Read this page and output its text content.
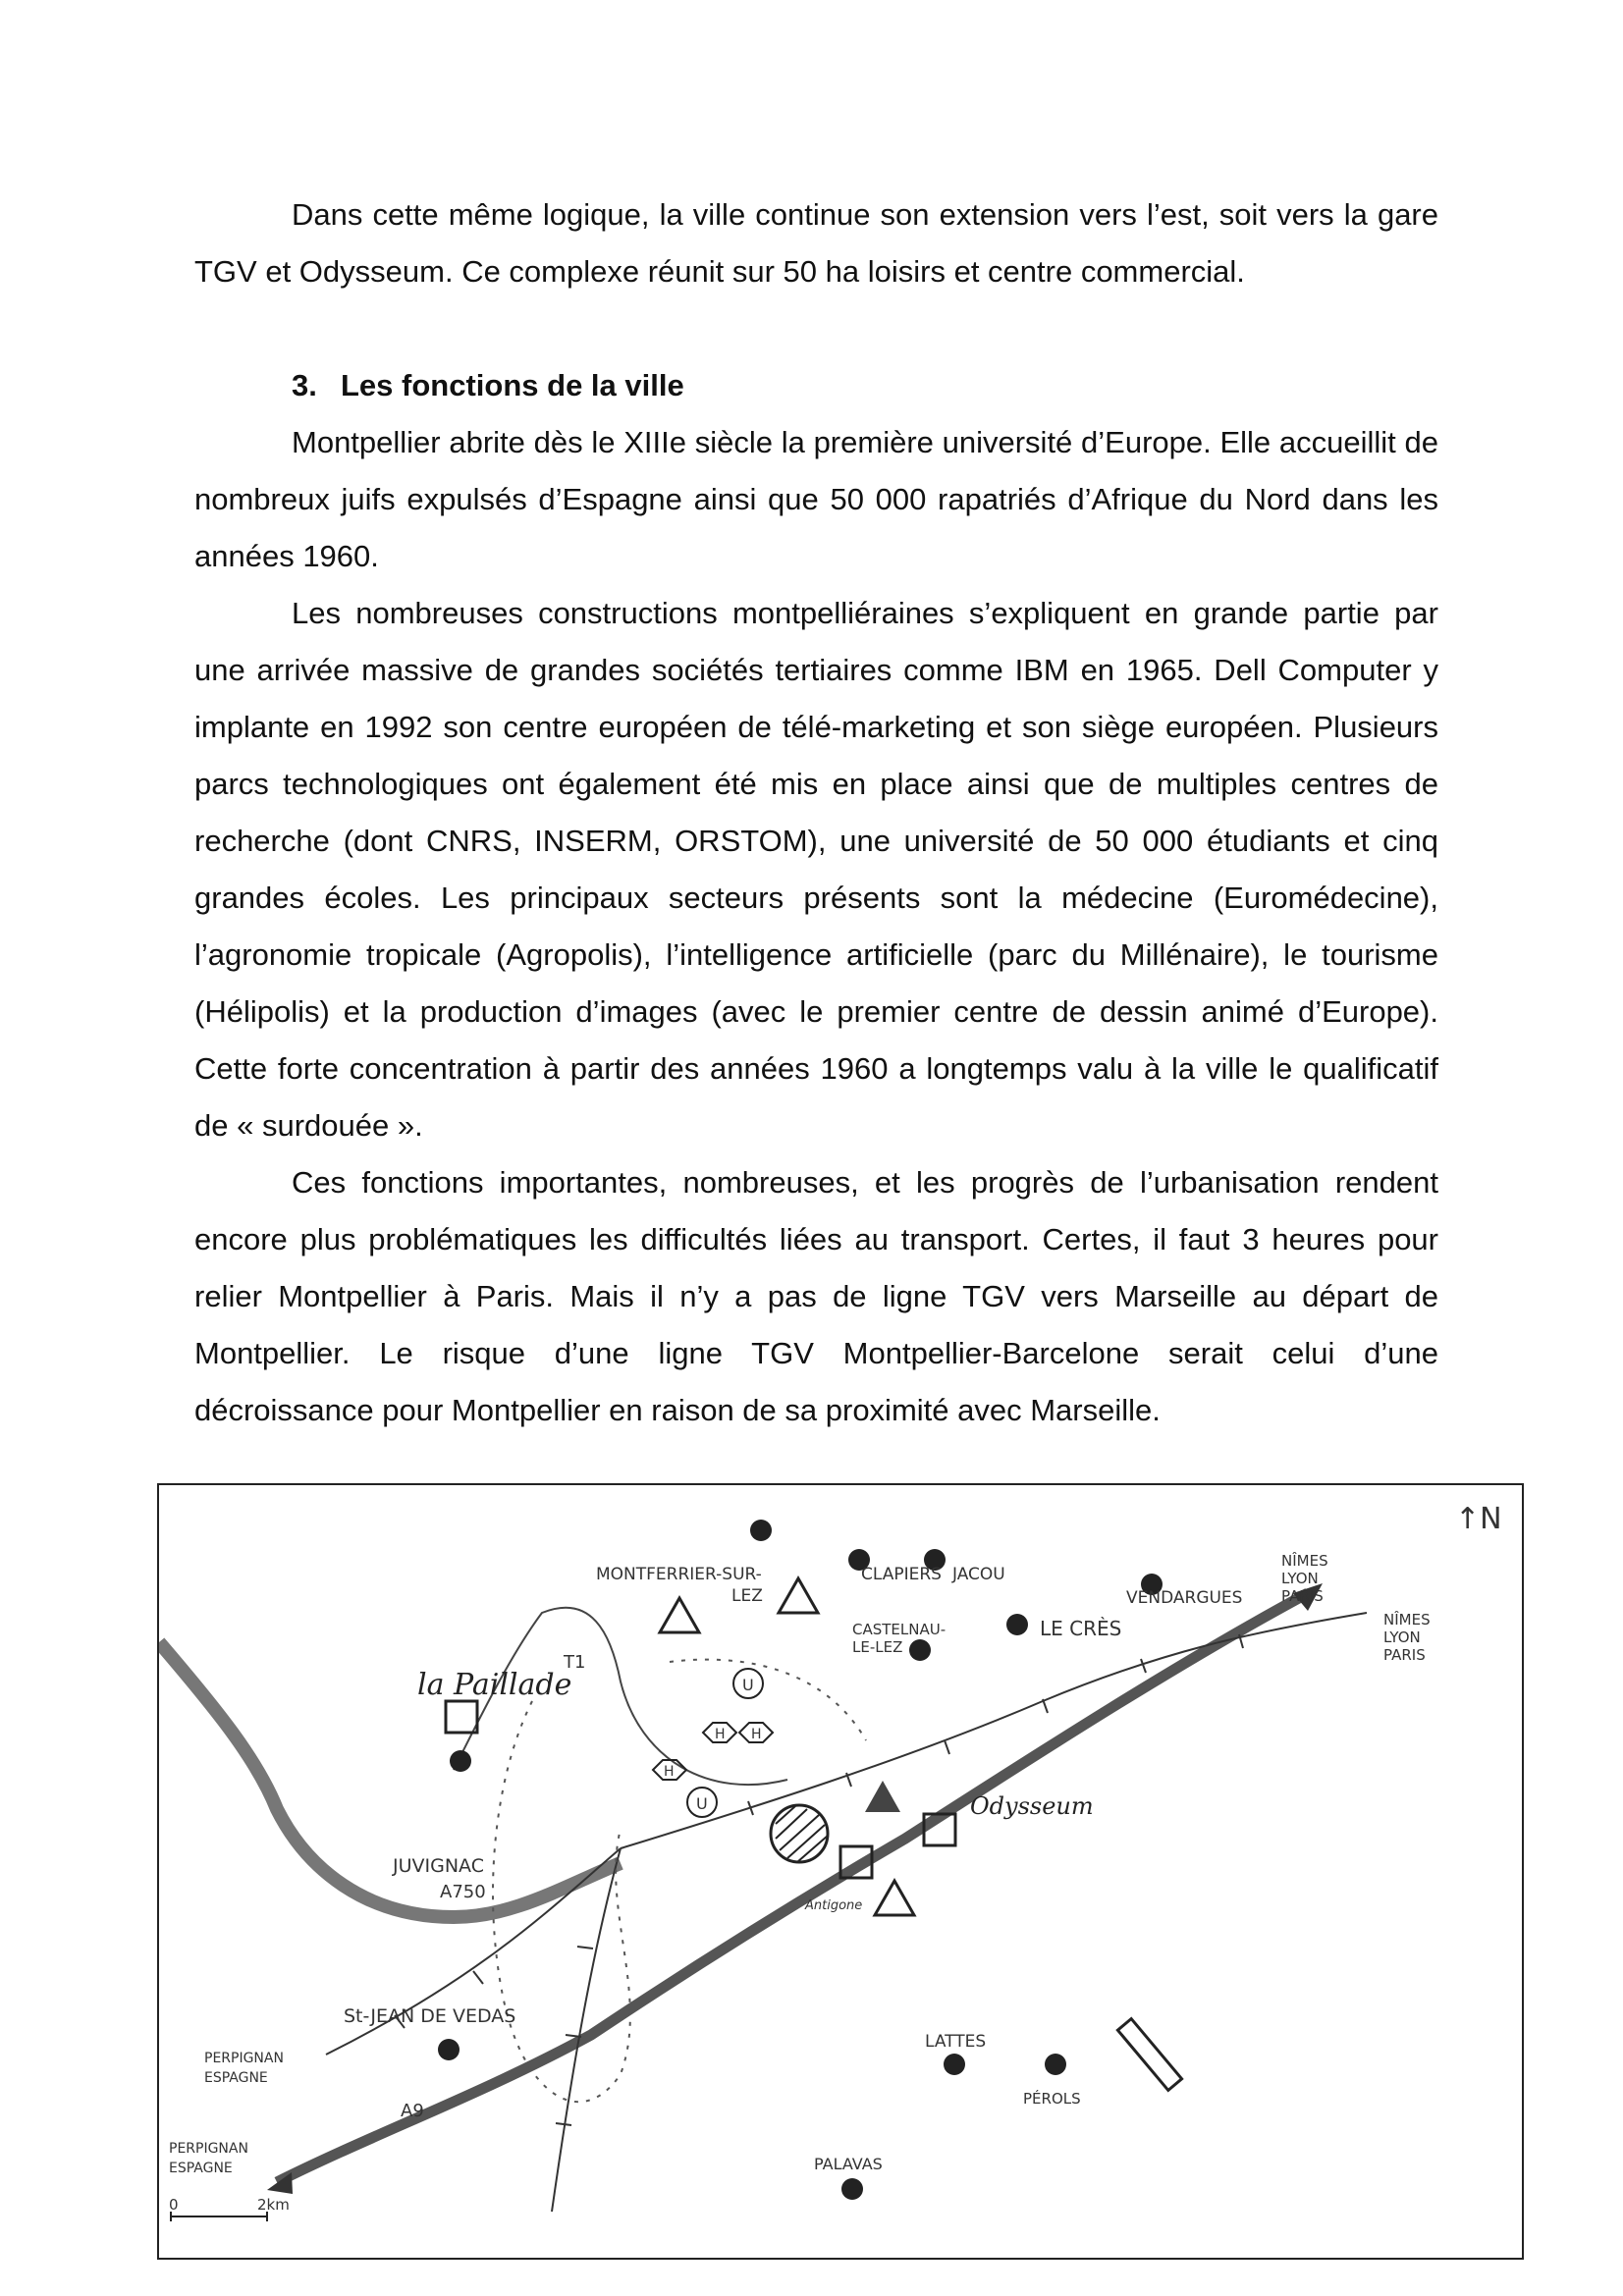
Dans cette même logique, la ville continue son extension vers l’est, soit vers la gare TGV et Odysseum. Ce complexe réunit sur 50 ha loisirs et centre commercial.

3. Les fonctions de la ville

Montpellier abrite dès le XIIIe siècle la première université d’Europe. Elle accueillit de nombreux juifs expulsés d’Espagne ainsi que 50 000 rapatriés d’Afrique du Nord dans les années 1960.

Les nombreuses constructions montpelliéraines s’expliquent en grande partie par une arrivée massive de grandes sociétés tertiaires comme IBM en 1965. Dell Computer y implante en 1992 son centre européen de télé-marketing et son siège européen. Plusieurs parcs technologiques ont également été mis en place ainsi que de multiples centres de recherche (dont CNRS, INSERM, ORSTOM), une université de 50 000 étudiants et cinq grandes écoles. Les principaux secteurs présents sont la médecine (Euromédecine), l’agronomie tropicale (Agropolis), l’intelligence artificielle (parc du Millénaire), le tourisme (Hélipolis) et la production d’images (avec le premier centre de dessin animé d’Europe). Cette forte concentration à partir des années 1960 a longtemps valu à la ville le qualificatif de « surdouée ».

Ces fonctions importantes, nombreuses, et les progrès de l’urbanisation rendent encore plus problématiques les difficultés liées au transport. Certes, il faut 3 heures pour relier Montpellier à Paris. Mais il n’y a pas de ligne TGV vers Marseille au départ de Montpellier. Le risque d’une ligne TGV Montpellier-Barcelone serait celui d’une décroissance pour Montpellier en raison de sa proximité avec Marseille.

↑N
U
U
H
H H
MONTFERRIER-SUR-
LEZ
CLAPIERS JACOU
VENDARGUES
NÎMES
LYON
PARIS
NÎMES
LYON
PARIS
CASTELNAU-
LE-LEZ
LE CRÈS
T1
la Paillade
JUVIGNAC
A750
Odysseum
Antigone
St-JEAN DE VEDAS
PERPIGNAN
ESPAGNE
A9
LATTES
PÉROLS
PERPIGNAN
ESPAGNE	PALAVAS
0	2km
